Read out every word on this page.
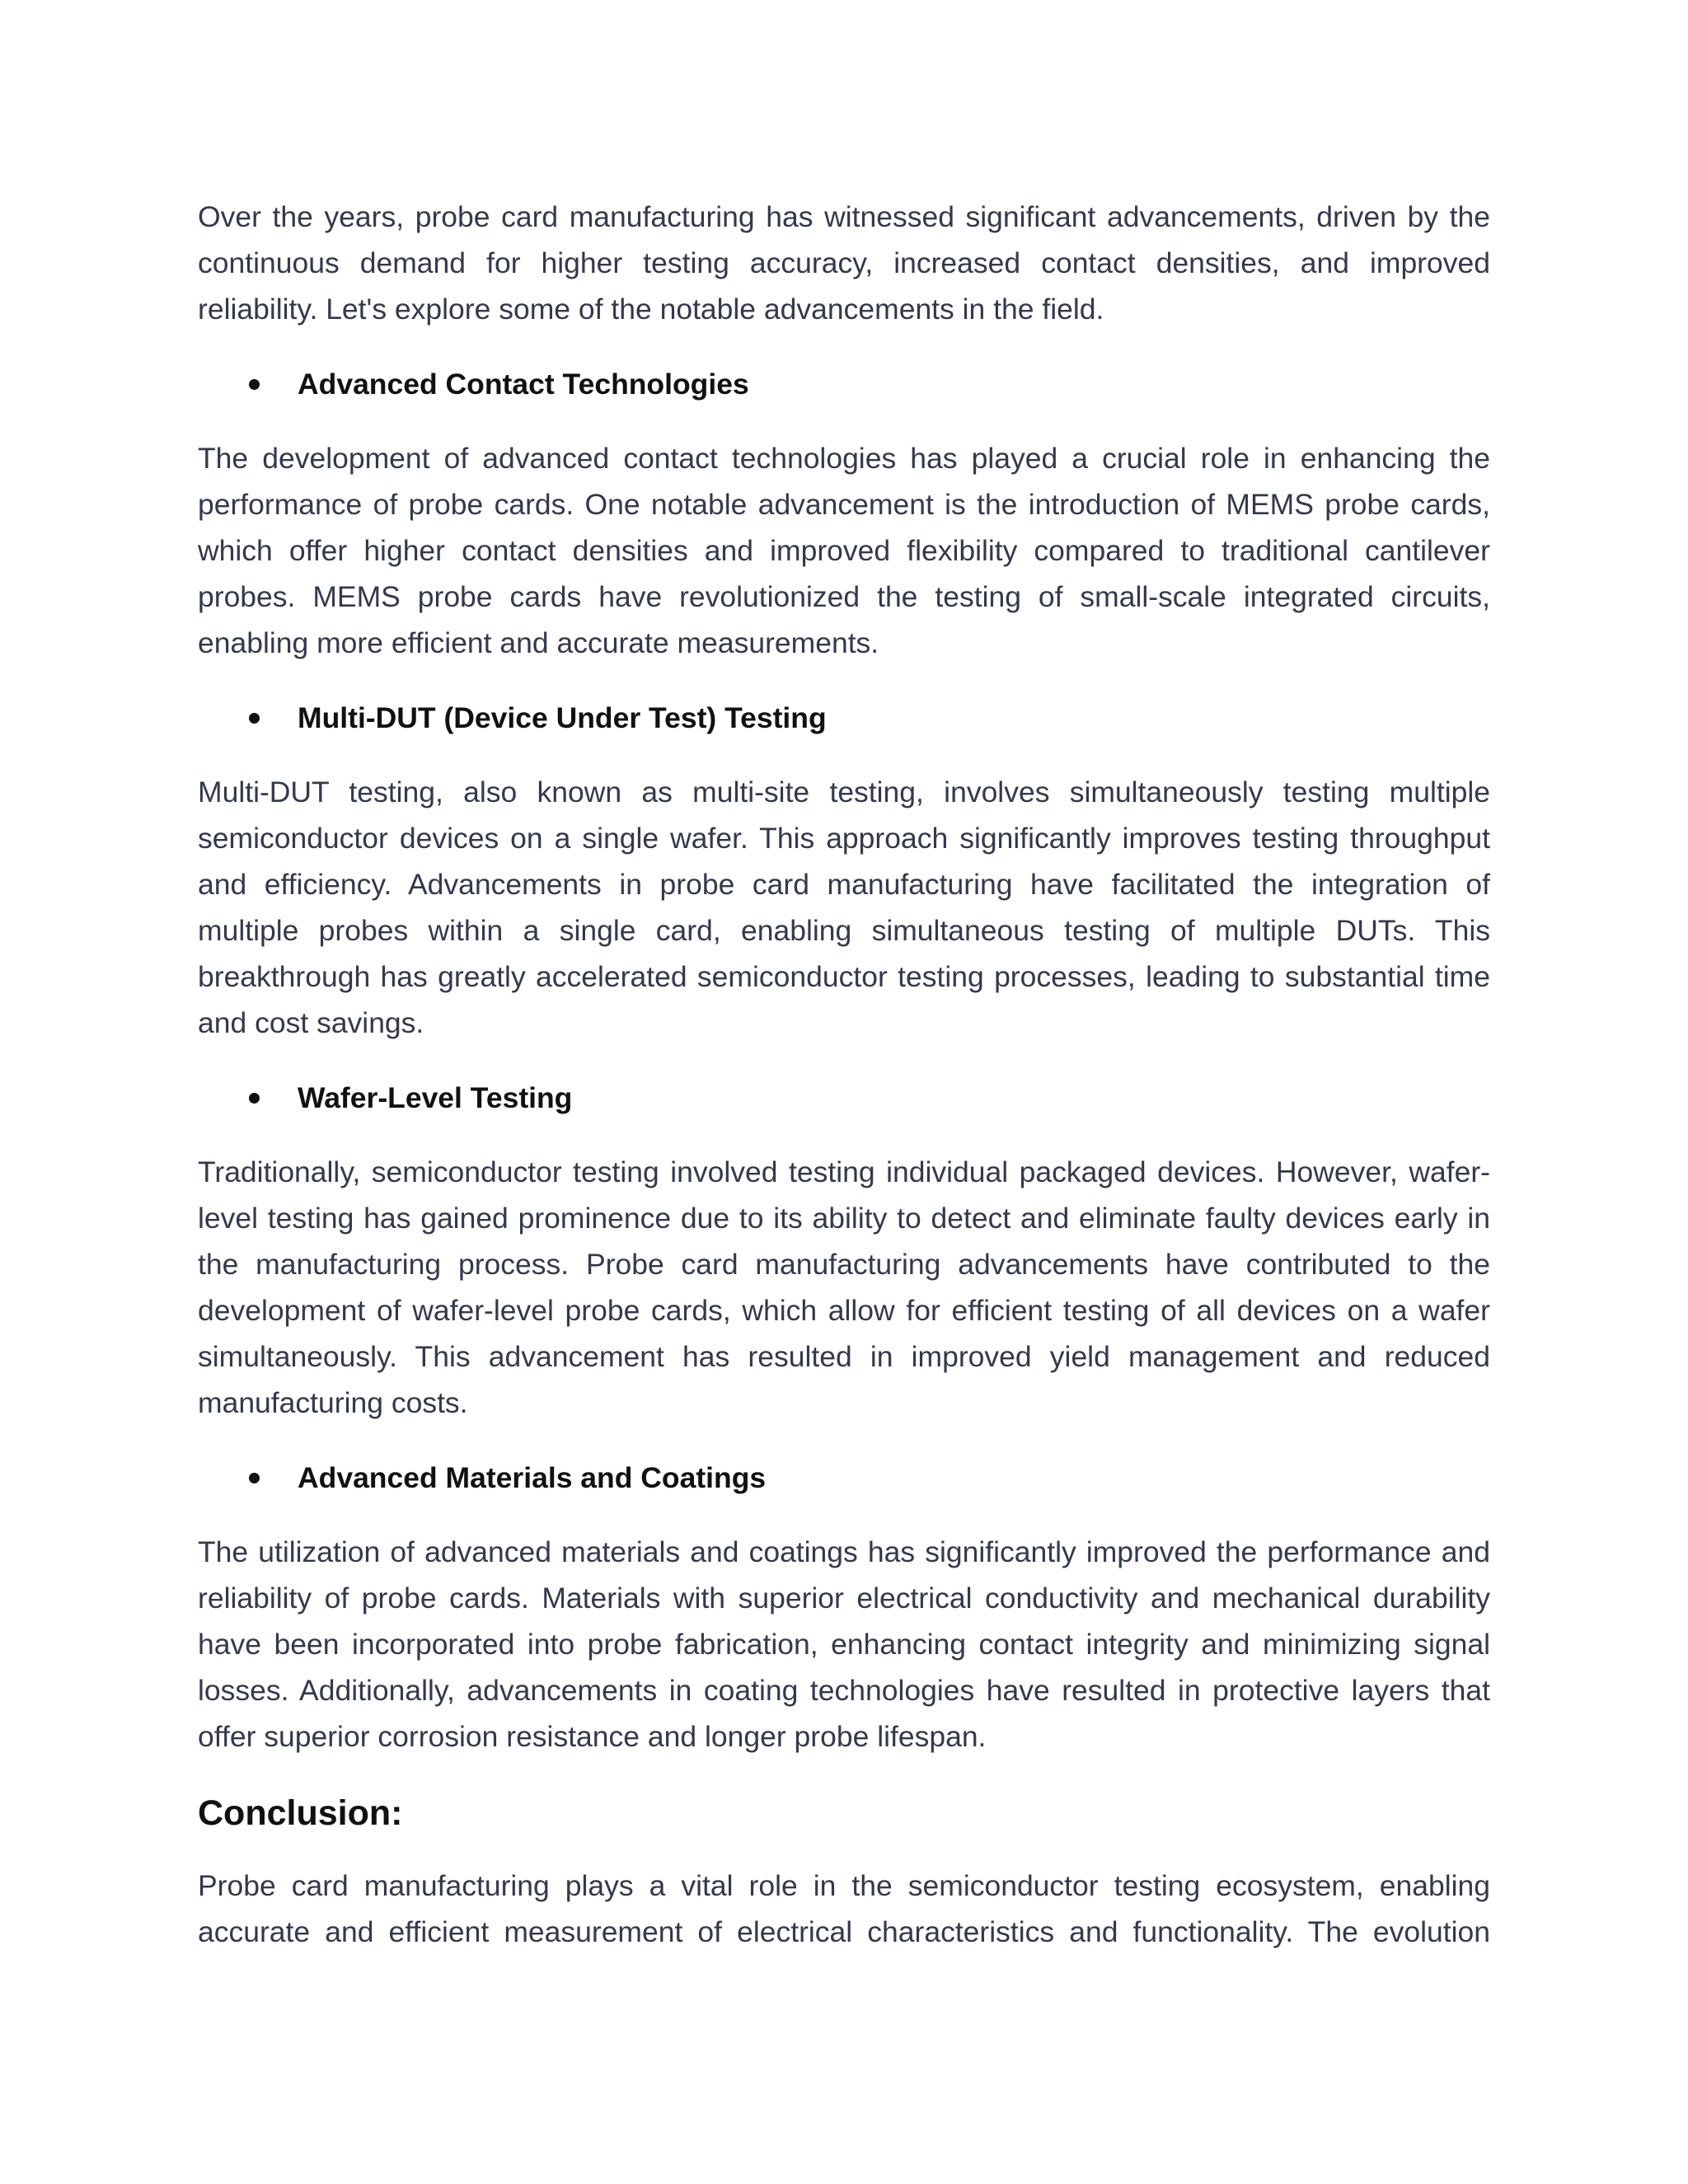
Over the years, probe card manufacturing has witnessed significant advancements, driven by the continuous demand for higher testing accuracy, increased contact densities, and improved reliability. Let's explore some of the notable advancements in the field.

Advanced Contact Technologies

The development of advanced contact technologies has played a crucial role in enhancing the performance of probe cards. One notable advancement is the introduction of MEMS probe cards, which offer higher contact densities and improved flexibility compared to traditional cantilever probes. MEMS probe cards have revolutionized the testing of small-scale integrated circuits, enabling more efficient and accurate measurements.

Multi-DUT (Device Under Test) Testing

Multi-DUT testing, also known as multi-site testing, involves simultaneously testing multiple semiconductor devices on a single wafer. This approach significantly improves testing throughput and efficiency. Advancements in probe card manufacturing have facilitated the integration of multiple probes within a single card, enabling simultaneous testing of multiple DUTs. This breakthrough has greatly accelerated semiconductor testing processes, leading to substantial time and cost savings.

Wafer-Level Testing

Traditionally, semiconductor testing involved testing individual packaged devices. However, wafer-level testing has gained prominence due to its ability to detect and eliminate faulty devices early in the manufacturing process. Probe card manufacturing advancements have contributed to the development of wafer-level probe cards, which allow for efficient testing of all devices on a wafer simultaneously. This advancement has resulted in improved yield management and reduced manufacturing costs.

Advanced Materials and Coatings

The utilization of advanced materials and coatings has significantly improved the performance and reliability of probe cards. Materials with superior electrical conductivity and mechanical durability have been incorporated into probe fabrication, enhancing contact integrity and minimizing signal losses. Additionally, advancements in coating technologies have resulted in protective layers that offer superior corrosion resistance and longer probe lifespan.

Conclusion:

Probe card manufacturing plays a vital role in the semiconductor testing ecosystem, enabling accurate and efficient measurement of electrical characteristics and functionality. The evolution
